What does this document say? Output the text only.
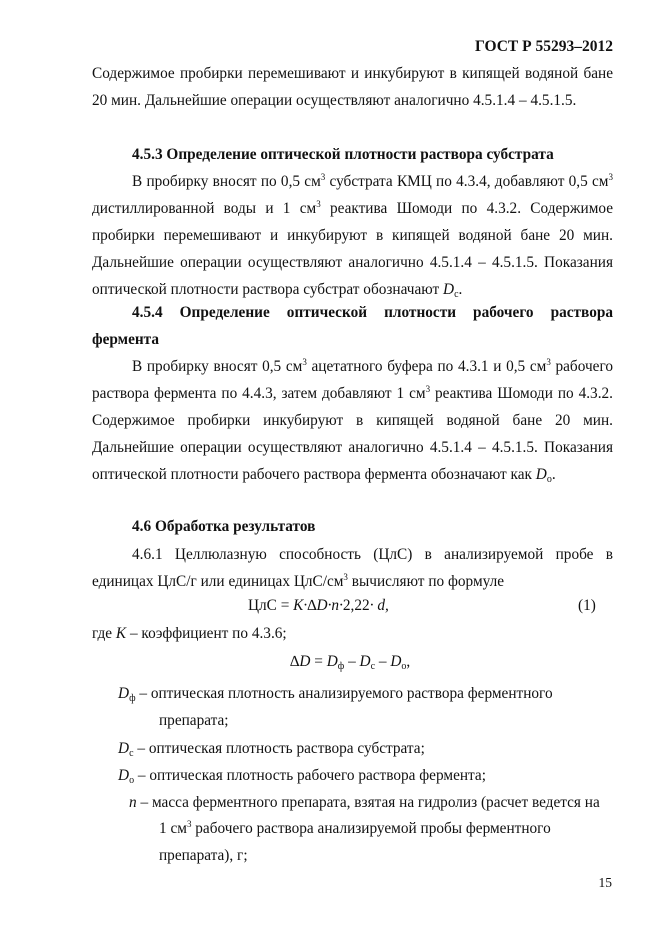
ГОСТ Р 55293–2012
Содержимое пробирки перемешивают и инкубируют в кипящей водяной бане 20 мин. Дальнейшие операции осуществляют аналогично 4.5.1.4 – 4.5.1.5.
4.5.3 Определение оптической плотности раствора субстрата
В пробирку вносят по 0,5 $см^3$ субстрата КМЦ по 4.3.4, добавляют 0,5 $см^3$ дистиллированной воды и 1 $см^3$ реактива Шомоди по 4.3.2. Содержимое пробирки перемешивают и инкубируют в кипящей водяной бане 20 мин. Дальнейшие операции осуществляют аналогично 4.5.1.4 – 4.5.1.5. Показания оптической плотности раствора субстрат обозначают $D_с$.
4.5.4 Определение оптической плотности рабочего раствора фермента
В пробирку вносят 0,5 $см^3$ ацетатного буфера по 4.3.1 и 0,5 $см^3$ рабочего раствора фермента по 4.4.3, затем добавляют 1 $см^3$ реактива Шомоди по 4.3.2. Содержимое пробирки инкубируют в кипящей водяной бане 20 мин. Дальнейшие операции осуществляют аналогично 4.5.1.4 – 4.5.1.5. Показания оптической плотности рабочего раствора фермента обозначают как $D_о$.
4.6 Обработка результатов
4.6.1 Целлюлазную способность (ЦлС) в анализируемой пробе в единицах ЦлС/г или единицах ЦлС/$см^3$ вычисляют по формуле
ЦлС = K·∆D·n·2,22· d,	(1)
где K – коэффициент по 4.3.6;
$\Delta D = D_ф - D_с - D_о$,
$D_ф$ – оптическая плотность анализируемого раствора ферментного
препарата;
$D_с$ – оптическая плотность раствора субстрата;
$D_о$ – оптическая плотность рабочего раствора фермента;
n – масса ферментного препарата, взятая на гидролиз (расчет ведется на
1 $см^3$ рабочего раствора анализируемой пробы ферментного
препарата), г;
15
